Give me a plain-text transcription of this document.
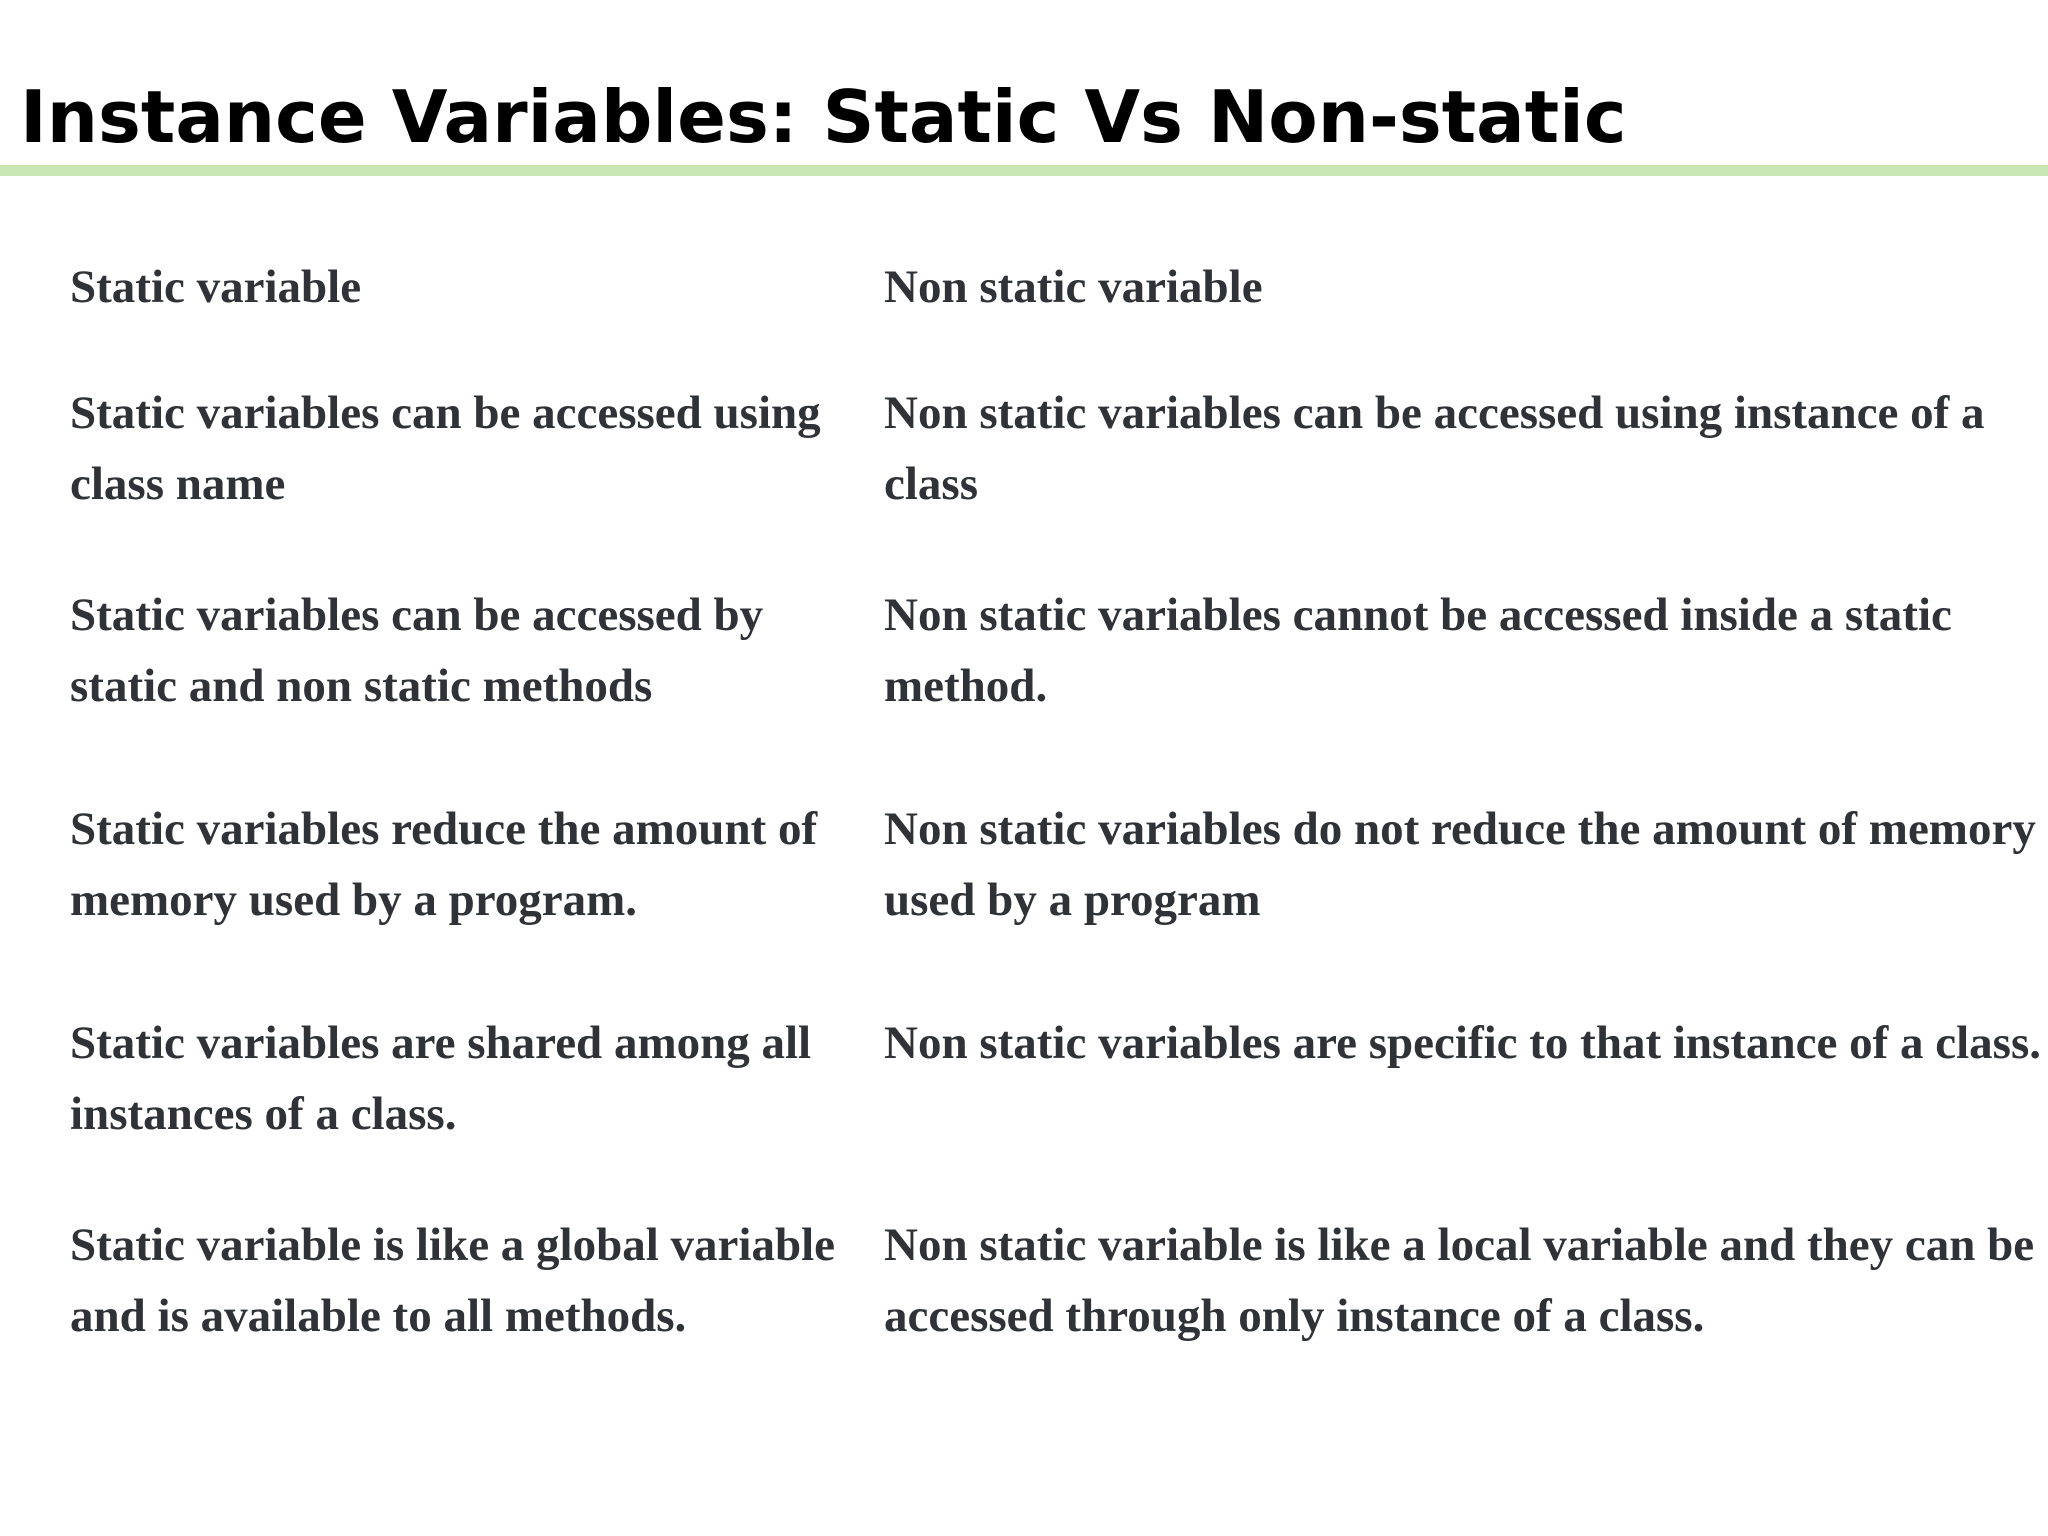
Instance Variables: Static Vs Non-static

Static variable	Non static variable

Static variables can be accessed using class name

Non static variables can be accessed using instance of a class

Static variables can be accessed by static and non static methods

Non static variables cannot be accessed inside a static method.

Static variables reduce the amount of memory used by a program.

Non static variables do not reduce the amount of memory used by a program

Static variables are shared among all instances of a class.

Non static variables are specific to that instance of a class.

Static variable is like a global variable and is available to all methods.

Non static variable is like a local variable and they can be accessed through only instance of a class.
